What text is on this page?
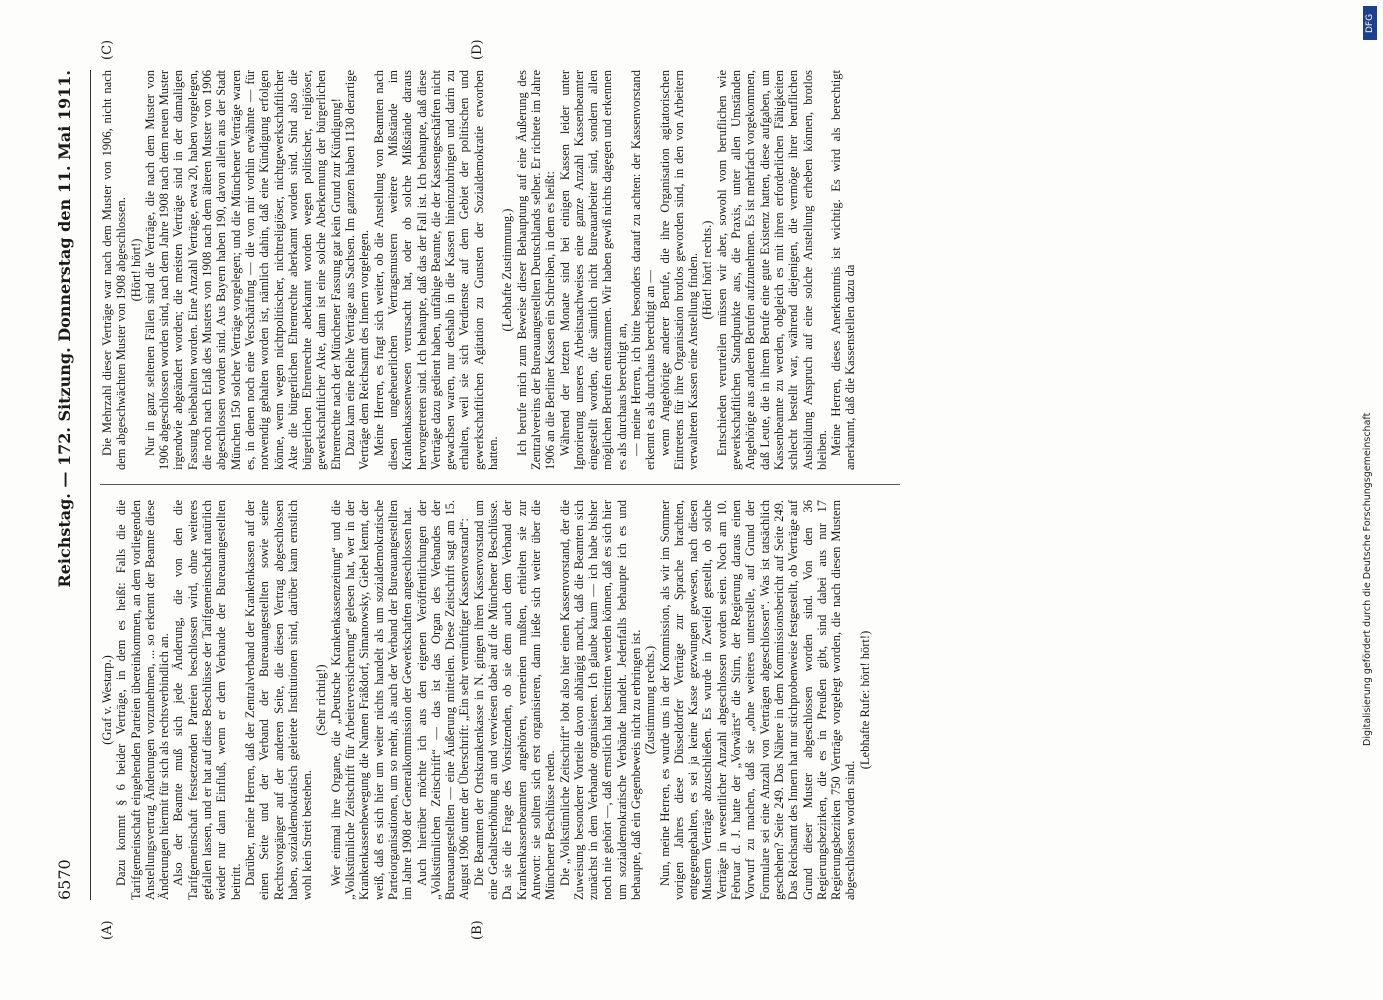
6570
Reichstag. — 172. Sitzung. Donnerstag den 11. Mai 1911.
(A)	(B)
(C)	(D)

(Graf v. Westarp.) Dazu kommt § 6 beider Verträge, in dem es heißt: Falls die die Tarifgemeinschaft eingehenden Parteien übereinkommen, an dem vorliegenden Anstellungsvertrag Änderungen vorzunehmen, ... so erkennt der Beamte diese Änderungen hiermit für sich als rechtsverbindlich an. Also der Beamte muß sich jede Änderung, die von den die Tarifgemeinschaft festsetzenden Parteien beschlossen wird, ohne weiteres gefallen lassen, und er hat auf diese Beschlüsse der Tarifgemeinschaft natürlich wieder nur dann Einfluß, wenn er dem Verbande der Bureauangestellten beitritt. Darüber, meine Herren, daß der Zentralverband der Krankenkassen auf der einen Seite und der Verband der Bureauangestellten sowie seine Rechtsvorgänger auf der anderen Seite, die diesen Vertrag abgeschlossen haben, sozialdemokratisch geleitete Institutionen sind, darüber kann ernstlich wohl kein Streit bestehen.

(Sehr richtig!) Wer einmal ihre Organe, die „Deutsche Krankenkassenzeitung“ und die „Volkstümliche Zeitschrift für Arbeiterversicherung“ gelesen hat, wer in der Krankenkassenbewegung die Namen Fräßdorf, Simanowsky, Giebel kennt, der weiß, daß es sich hier um weiter nichts handelt als um sozialdemokratische Parteiorganisationen, um so mehr, als auch der Verband der Bureauangestellten im Jahre 1908 der Generalkommission der Gewerkschaften angeschlossen hat. Auch hierüber möchte ich aus den eigenen Veröffentlichungen der „Volkstümlichen Zeitschrift“ — das ist das Organ des Verbandes der Bureauangestellten — eine Äußerung mitteilen. Diese Zeitschrift sagt am 15. August 1906 unter der Überschrift: „Ein sehr vernünftiger Kassenvorstand“: Die Beamten der Ortskrankenkasse in N. gingen ihren Kassenvorstand um eine Gehaltserhöhung an und verwiesen dabei auf die Münchener Beschlüsse. Da sie die Frage des Vorsitzenden, ob sie dem auch dem Verband der Krankenkassenbeamten angehören, verneinen mußten, erhielten sie zur Antwort: sie sollten sich erst organisieren, dann ließe sich weiter über die Münchener Beschlüsse reden. Die „Volkstümliche Zeitschrift“ lobt also hier einen Kassenvorstand, der die Zuweisung besonderer Vorteile davon abhängig macht, daß die Beamten sich zunächst in dem Verbande organisieren. Ich glaube kaum — ich habe bisher noch nie gehört —, daß ernstlich hat bestritten werden können, daß es sich hier um sozialdemokratische Verbände handelt. Jedenfalls behaupte ich es und behaupte, daß ein Gegenbeweis nicht zu erbringen ist. (Zustimmung rechts.) Nun, meine Herren, es wurde uns in der Kommission, als wir im Sommer vorigen Jahres diese Düsseldorfer Verträge zur Sprache brachten, entgegengehalten, es sei ja keine Kasse gezwungen gewesen, nach diesen Mustern Verträge abzuschließen. Es wurde in Zweifel gestellt, ob solche Verträge in wesentlicher Anzahl abgeschlossen worden seien. Noch am 10. Februar d. J. hatte der „Vorwärts“ die Stirn, der Regierung daraus einen Vorwurf zu machen, daß sie „ohne weiteres unterstelle, auf Grund der Formulare sei eine Anzahl von Verträgen abgeschlossen“. Was ist tatsächlich geschehen? Seite 249. Das Nähere in dem Kommissionsbericht auf Seite 249. Das Reichsamt des Innern hat nur stichprobenweise festgestellt, ob Verträge auf Grund dieser Muster abgeschlossen worden sind. Von den 36 Regierungsbezirken, die es in Preußen gibt, sind dabei aus nur 17 Regierungsbezirken 750 Verträge vorgelegt worden, die nach diesen Mustern abgeschlossen worden sind.

(Lebhafte Rufe: hört! hört!)

Die Mehrzahl dieser Verträge war nach dem Muster von 1906, nicht nach dem abgeschwächten Muster von 1908 abgeschlossen. (Hört! hört!) Nur in ganz seltenen Fällen sind die Verträge, die nach dem Muster von 1906 abgeschlossen worden sind, nach dem Jahre 1908 nach dem neuen Muster irgendwie abgeändert worden; die meisten Verträge sind in der damaligen Fassung beibehalten worden. Eine Anzahl Verträge, etwa 20, haben vorgelegen, die noch nach Erlaß des Musters von 1908 nach dem älteren Muster von 1906 abgeschlossen worden sind. Aus Bayern haben 190, davon allein aus der Stadt München 150 solcher Verträge vorgelegen; und die Münchener Verträge waren es, in denen noch eine Verschärfung — die von mir vorhin erwähnte — für notwendig gehalten worden ist, nämlich dahin, daß eine Kündigung erfolgen könne, wenn wegen nichtpolitischer, nichtreligiöser, nichtgewerkschaftlicher Akte die bürgerlichen Ehrenrechte aberkannt worden sind. Sind also die bürgerlichen Ehrenrechte aberkannt worden wegen politischer, religiöser, gewerkschaftlicher Akte, dann ist eine solche Aberkennung der bürgerlichen Ehrenrechte nach der Münchener Fassung gar kein Grund zur Kündigung! Dazu kam eine Reihe Verträge aus Sachsen. Im ganzen haben 1130 derartige Verträge dem Reichsamt des Innern vorgelegen. Meine Herren, es fragt sich weiter, ob die Anstellung von Beamten nach diesen ungeheuerlichen Vertragsmustern weitere Mißstände im Krankenkassenwesen verursacht hat, oder ob solche Mißstände daraus hervorgetreten sind. Ich behaupte, daß das der Fall ist. Ich behaupte, daß diese Verträge dazu gedient haben, unfähige Beamte, die der Kassengeschäften nicht gewachsen waren, nur deshalb in die Kassen hineinzubringen und darin zu erhalten, weil sie sich Verdienste auf dem Gebiet der politischen und gewerkschaftlichen Agitation zu Gunsten der Sozialdemokratie erworben hatten.

(Lebhafte Zustimmung.) Ich berufe mich zum Beweise dieser Behauptung auf eine Äußerung des Zentralvereins der Bureauangestellten Deutschlands selber. Er richtete im Jahre 1906 an die Berliner Kassen ein Schreiben, in dem es heißt: Während der letzten Monate sind bei einigen Kassen leider unter Ignorierung unseres Arbeitsnachweises eine ganze Anzahl Kassenbeamter eingestellt worden, die sämtlich nicht Bureauarbeiter sind, sondern allen möglichen Berufen entstammen. Wir haben gewiß nichts dagegen und erkennen es als durchaus berechtigt an, — meine Herren, ich bitte besonders darauf zu achten: der Kassenvorstand erkennt es als durchaus berechtigt an — wenn Angehörige anderer Berufe, die ihre Organisation agitatorischen Eintretens für ihre Organisation brotlos geworden sind, in den von Arbeitern verwalteten Kassen eine Anstellung finden. (Hört! hört! rechts.) Entschieden verurteilen müssen wir aber, sowohl vom beruflichen wie gewerkschaftlichen Standpunkte aus, die Praxis, unter allen Umständen Angehörige aus anderen Berufen aufzunehmen. Es ist mehrfach vorgekommen, daß Leute, die in ihrem Berufe eine gute Existenz hatten, diese aufgaben, um Kassenbeamte zu werden, obgleich es mit ihren erforderlichen Fähigkeiten schlecht bestellt war, während diejenigen, die vermöge ihrer beruflichen Ausbildung Anspruch auf eine solche Anstellung erheben können, brotlos bleiben. Meine Herren, dieses Anerkenntnis ist wichtig. Es wird als berechtigt anerkannt, daß die Kassenstellen dazu da

DFG
Digitalisierung gefördert durch die Deutsche Forschungsgemeinschaft
